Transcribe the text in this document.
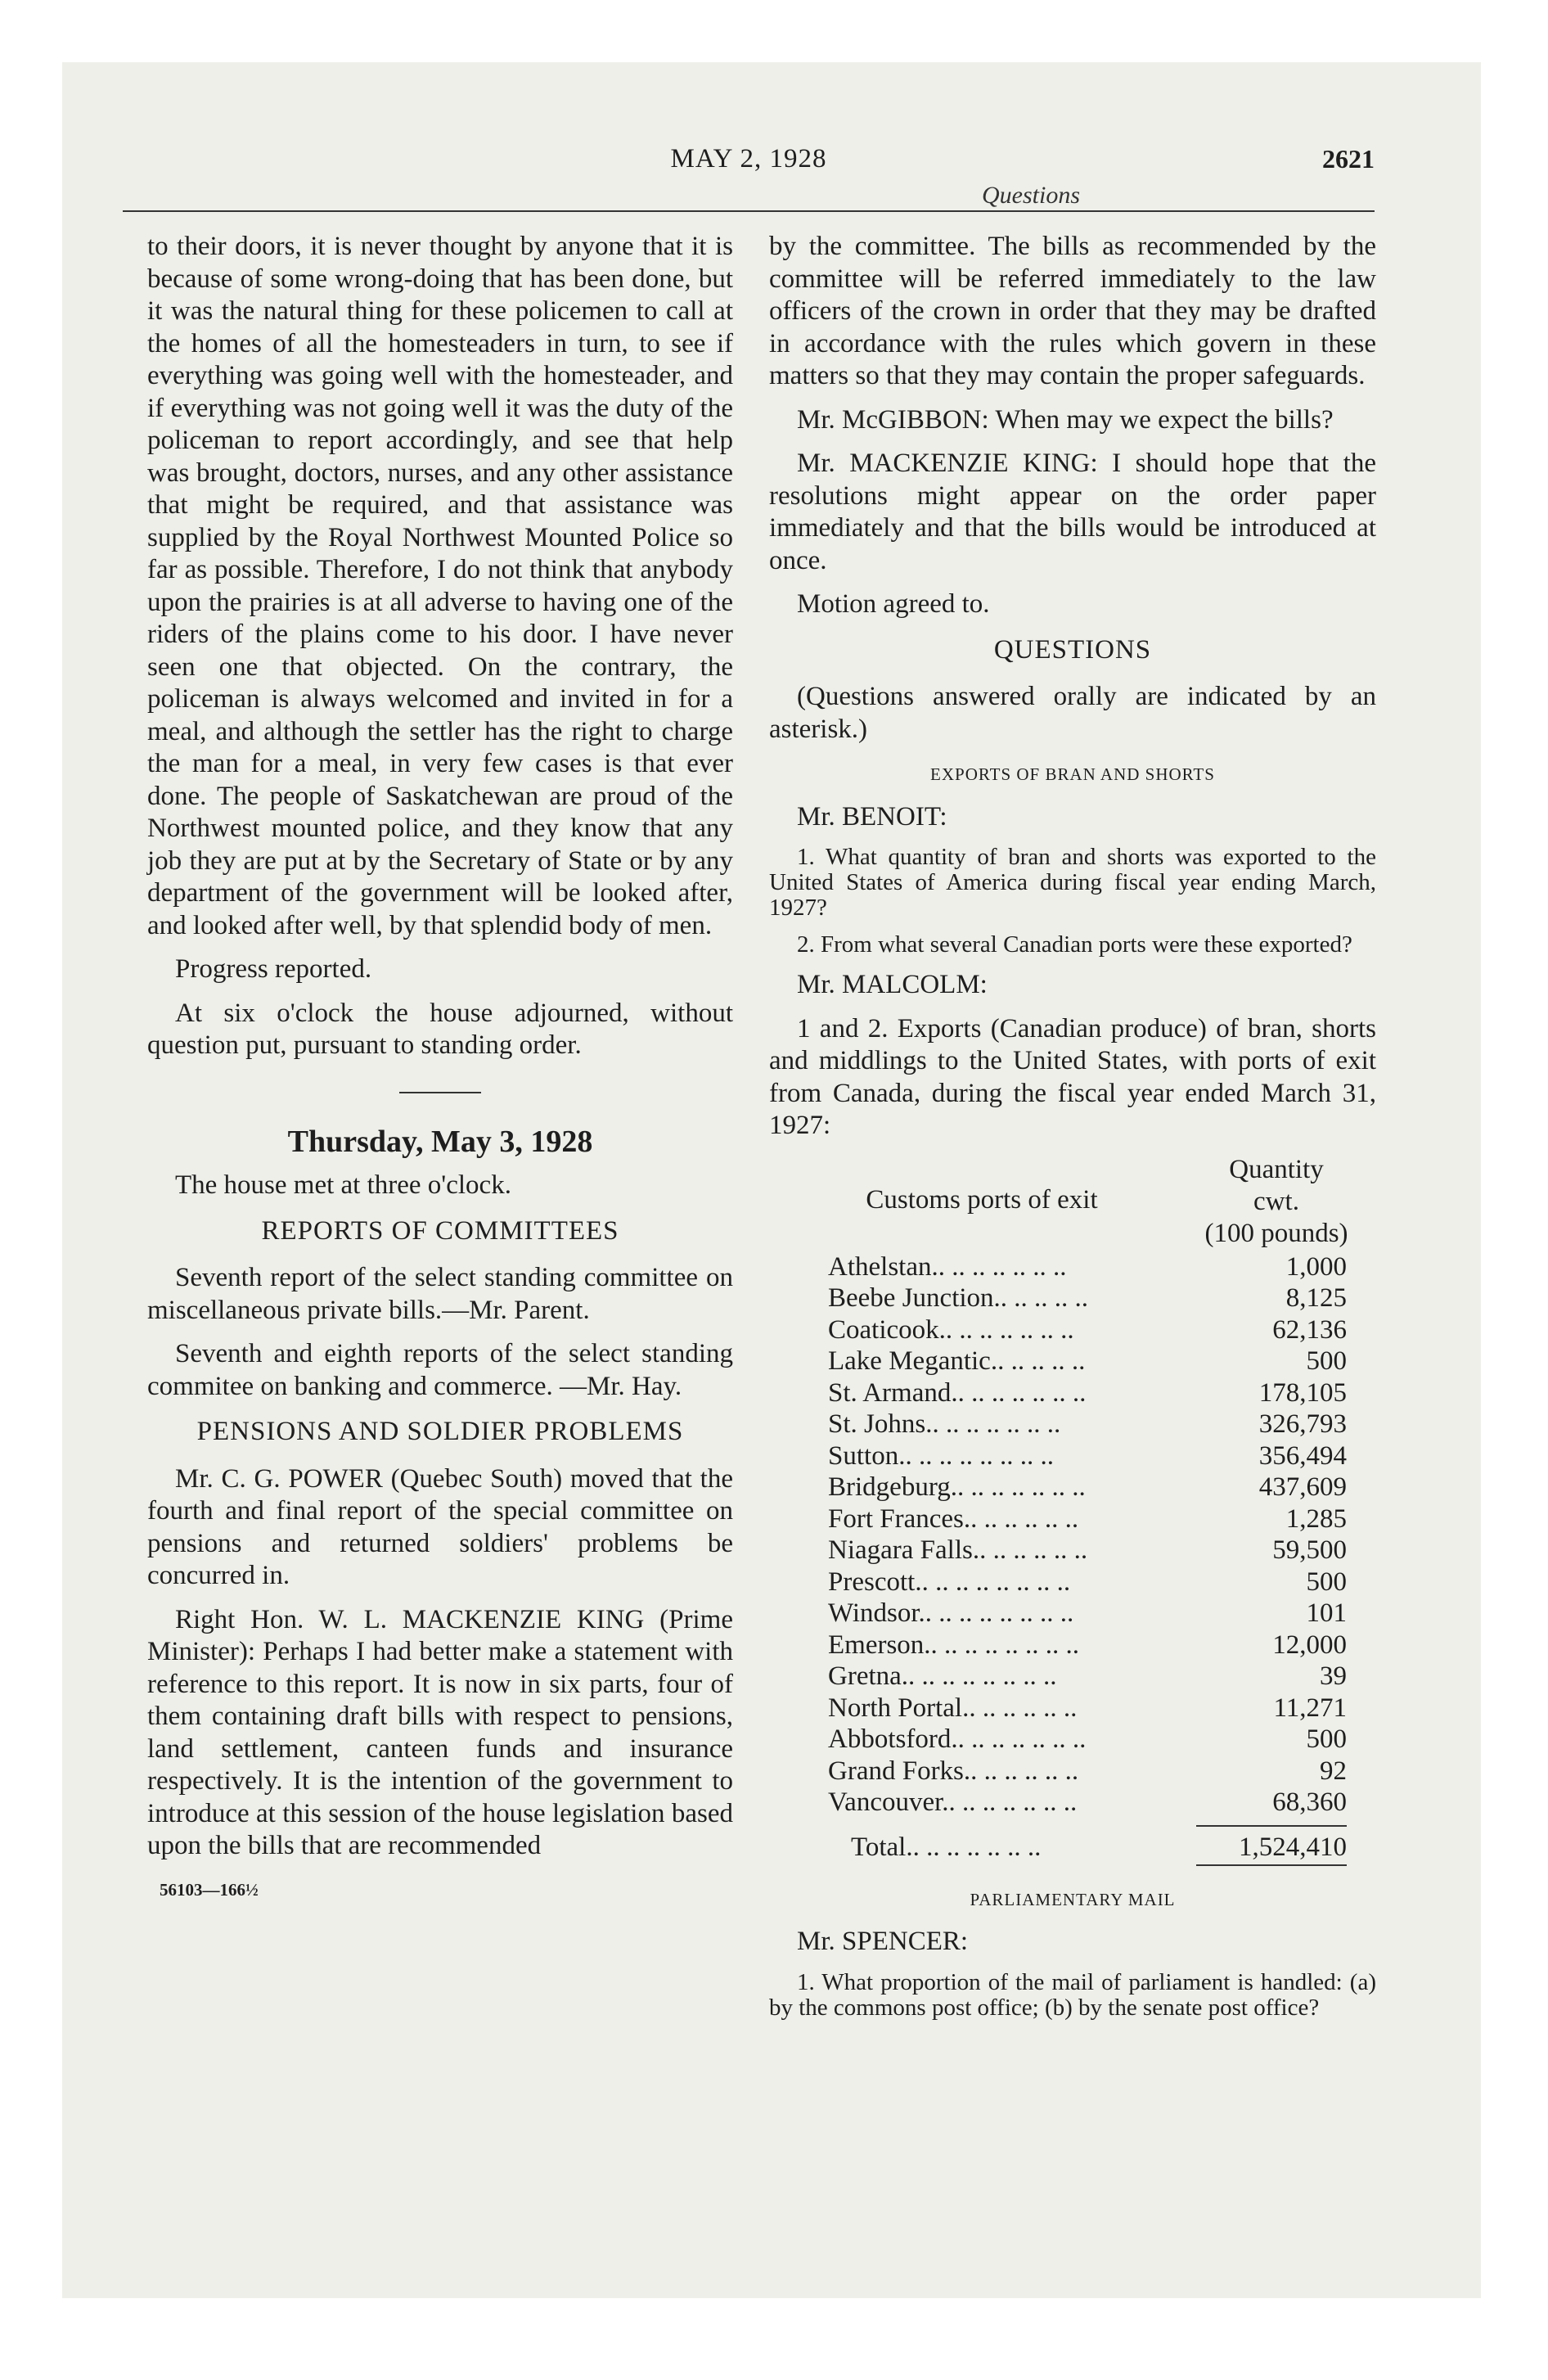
MAY 2, 1928	2621
Questions

to their doors, it is never thought by anyone that it is because of some wrong-doing that has been done, but it was the natural thing for these policemen to call at the homes of all the homesteaders in turn, to see if everything was going well with the homesteader, and if everything was not going well it was the duty of the policeman to report accordingly, and see that help was brought, doctors, nurses, and any other assistance that might be required, and that assistance was supplied by the Royal Northwest Mounted Police so far as possible. Therefore, I do not think that anybody upon the prairies is at all adverse to having one of the riders of the plains come to his door. I have never seen one that objected. On the contrary, the policeman is always welcomed and invited in for a meal, and although the settler has the right to charge the man for a meal, in very few cases is that ever done. The people of Saskatchewan are proud of the Northwest mounted police, and they know that any job they are put at by the Secretary of State or by any department of the government will be looked after, and looked after well, by that splendid body of men.

Progress reported.

At six o'clock the house adjourned, without question put, pursuant to standing order.

Thursday, May 3, 1928

The house met at three o'clock.

REPORTS OF COMMITTEES

Seventh report of the select standing committee on miscellaneous private bills.—Mr. Parent.

Seventh and eighth reports of the select standing commitee on banking and commerce. —Mr. Hay.

PENSIONS AND SOLDIER PROBLEMS

Mr. C. G. POWER (Quebec South) moved that the fourth and final report of the special committee on pensions and returned soldiers' problems be concurred in.

Right Hon. W. L. MACKENZIE KING (Prime Minister): Perhaps I had better make a statement with reference to this report. It is now in six parts, four of them containing draft bills with respect to pensions, land settlement, canteen funds and insurance respectively. It is the intention of the government to introduce at this session of the house legislation based upon the bills that are recommended

56103—166½

by the committee. The bills as recommended by the committee will be referred immediately to the law officers of the crown in order that they may be drafted in accordance with the rules which govern in these matters so that they may contain the proper safeguards.

Mr. McGIBBON: When may we expect the bills?

Mr. MACKENZIE KING: I should hope that the resolutions might appear on the order paper immediately and that the bills would be introduced at once.

Motion agreed to.

QUESTIONS

(Questions answered orally are indicated by an asterisk.)

EXPORTS OF BRAN AND SHORTS

Mr. BENOIT:

1. What quantity of bran and shorts was exported to the United States of America during fiscal year ending March, 1927?

2. From what several Canadian ports were these exported?

Mr. MALCOLM:

1 and 2. Exports (Canadian produce) of bran, shorts and middlings to the United States, with ports of exit from Canada, during the fiscal year ended March 31, 1927:

Customs ports of exit
Quantity
cwt.
(100 pounds)
Athelstan.. .. .. .. .. .. ..	1,000
Beebe Junction.. .. .. .. ..	8,125
Coaticook.. .. .. .. .. .. ..	62,136
Lake Megantic.. .. .. .. ..	500
St. Armand.. .. .. .. .. .. ..	178,105
St. Johns.. .. .. .. .. .. ..	326,793
Sutton.. .. .. .. .. .. .. ..	356,494
Bridgeburg.. .. .. .. .. .. ..	437,609
Fort Frances.. .. .. .. .. ..	1,285
Niagara Falls.. .. .. .. .. ..	59,500
Prescott.. .. .. .. .. .. .. ..	500
Windsor.. .. .. .. .. .. .. ..	101
Emerson.. .. .. .. .. .. .. ..	12,000
Gretna.. .. .. .. .. .. .. ..	39
North Portal.. .. .. .. .. ..	11,271
Abbotsford.. .. .. .. .. .. ..	500
Grand Forks.. .. .. .. .. ..	92
Vancouver.. .. .. .. .. .. ..	68,360
Total.. .. .. .. .. .. ..	1,524,410
PARLIAMENTARY MAIL

Mr. SPENCER:

1. What proportion of the mail of parliament is handled: (a) by the commons post office; (b) by the senate post office?
